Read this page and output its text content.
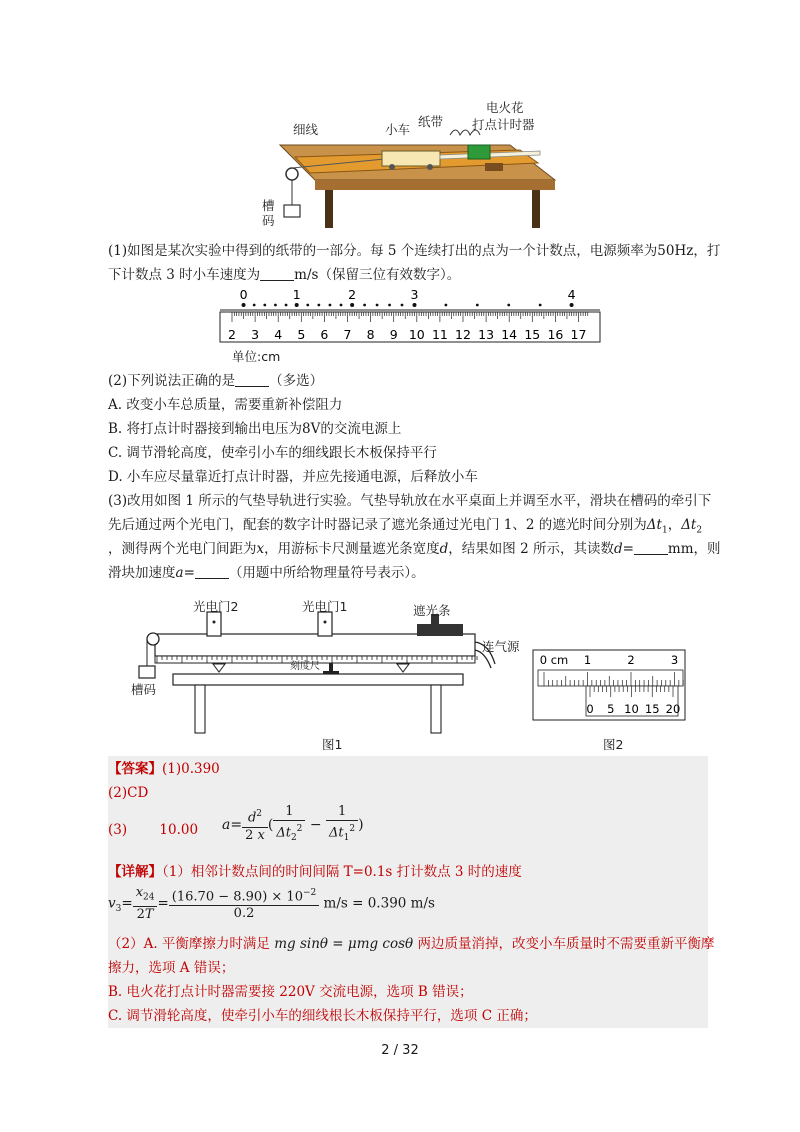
细线	小车
纸带
电火花
打点计时器
槽
码
(1)如图是某次实验中得到的纸带的一部分。每 5 个连续打出的点为一个计数点，电源频率为50Hz，打
下计数点 3 时小车速度为	m/s（保留三位有效数字）。
2 3 4 5 6 7 8 9 10 11 12 13 14 15 16 17
0	1	2	3	4
单位:cm
(2)下列说法正确的是	（多选）
A. 改变小车总质量，需要重新补偿阻力
B. 将打点计时器接到输出电压为8V的交流电源上
C. 调节滑轮高度，使牵引小车的细线跟长木板保持平行
D. 小车应尽量靠近打点计时器，并应先接通电源，后释放小车
(3)改用如图 1 所示的气垫导轨进行实验。气垫导轨放在水平桌面上并调至水平，滑块在槽码的牵引下
先后通过两个光电门，配套的数字计时器记录了遮光条通过光电门 1、2 的遮光时间分别为$\Delta t_1$，$\Delta t_2$
，测得两个光电门间距为x，用游标卡尺测量遮光条宽度d，结果如图 2 所示，其读数d=	mm，则
滑块加速度a=	（用题中所给物理量符号表示）。
光电门2	光电门1	遮光条
连气源
刻度尺
槽码
图1
0 cm 1	2	3
0 5 10 15 20
图2
【答案】(1)0.390
(2)CD
(3) 10.00	$a= \frac{d^2}{2 x}$ ( $\frac{1}{\Delta t_2^2} - \frac{1}{\Delta t_1^2}$ )
【详解】（1）相邻计数点间的时间间隔 T=0.1s 打计数点 3 时的速度
$v_3= \frac{x_{24}}{2T} = \frac{(16.70 - 8.90) \times 10^{-2}}{0.2} m/s = 0.390$ m/s
（2）A. 平衡摩擦力时满足 mg sinθ = μmg cosθ 两边质量消掉，改变小车质量时不需要重新平衡摩
擦力，选项 A 错误；
B. 电火花打点计时器需要接 220V 交流电源，选项 B 错误；
C. 调节滑轮高度，使牵引小车的细线根长木板保持平行，选项 C 正确；
2 / 32
